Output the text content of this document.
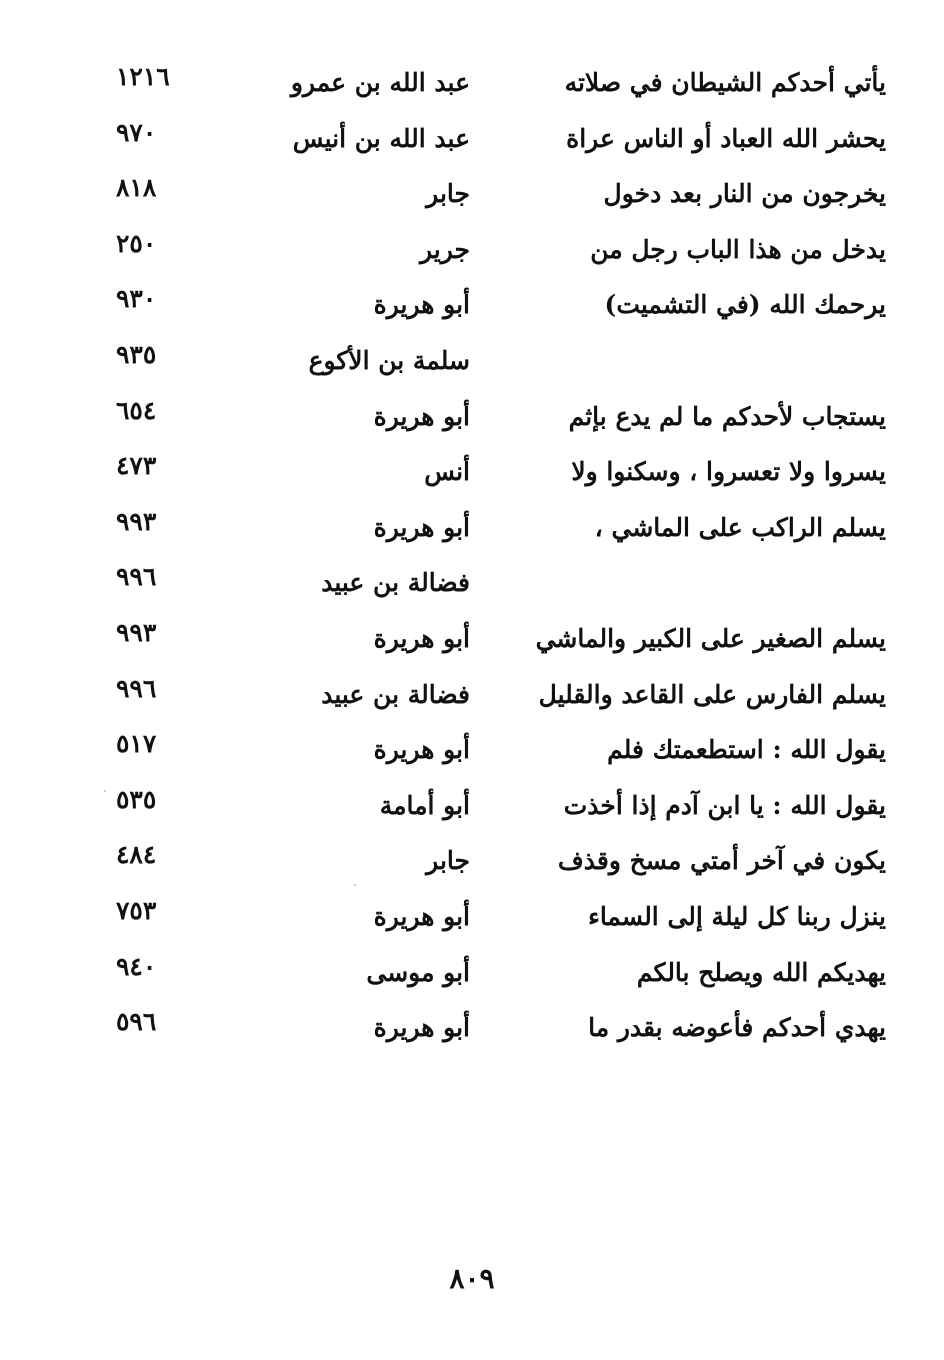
يأتي أحدكم الشيطان في صلاته
عبد الله بن عمرو
١٢١٦
يحشر الله العباد أو الناس عراة
عبد الله بن أنيس
٩٧٠
يخرجون من النار بعد دخول
جابر
٨١٨
يدخل من هذا الباب رجل من
جرير
٢٥٠
يرحمك الله (في التشميت)
أبو هريرة
٩٣٠
سلمة بن الأكوع
٩٣٥
يستجاب لأحدكم ما لم يدع بإثم
أبو هريرة
٦٥٤
يسروا ولا تعسروا ، وسكنوا ولا
أنس
٤٧٣
يسلم الراكب على الماشي ،
أبو هريرة
٩٩٣
فضالة بن عبيد
٩٩٦
يسلم الصغير على الكبير والماشي
أبو هريرة
٩٩٣
يسلم الفارس على القاعد والقليل
فضالة بن عبيد
٩٩٦
يقول الله : استطعمتك فلم
أبو هريرة
٥١٧
يقول الله : يا ابن آدم إذا أخذت
أبو أمامة
٥٣٥
يكون في آخر أمتي مسخ وقذف
جابر
٤٨٤
ينزل ربنا كل ليلة إلى السماء
أبو هريرة
٧٥٣
يهديكم الله ويصلح بالكم
أبو موسى
٩٤٠
يهدي أحدكم فأعوضه بقدر ما
أبو هريرة
٥٩٦
٨٠٩
